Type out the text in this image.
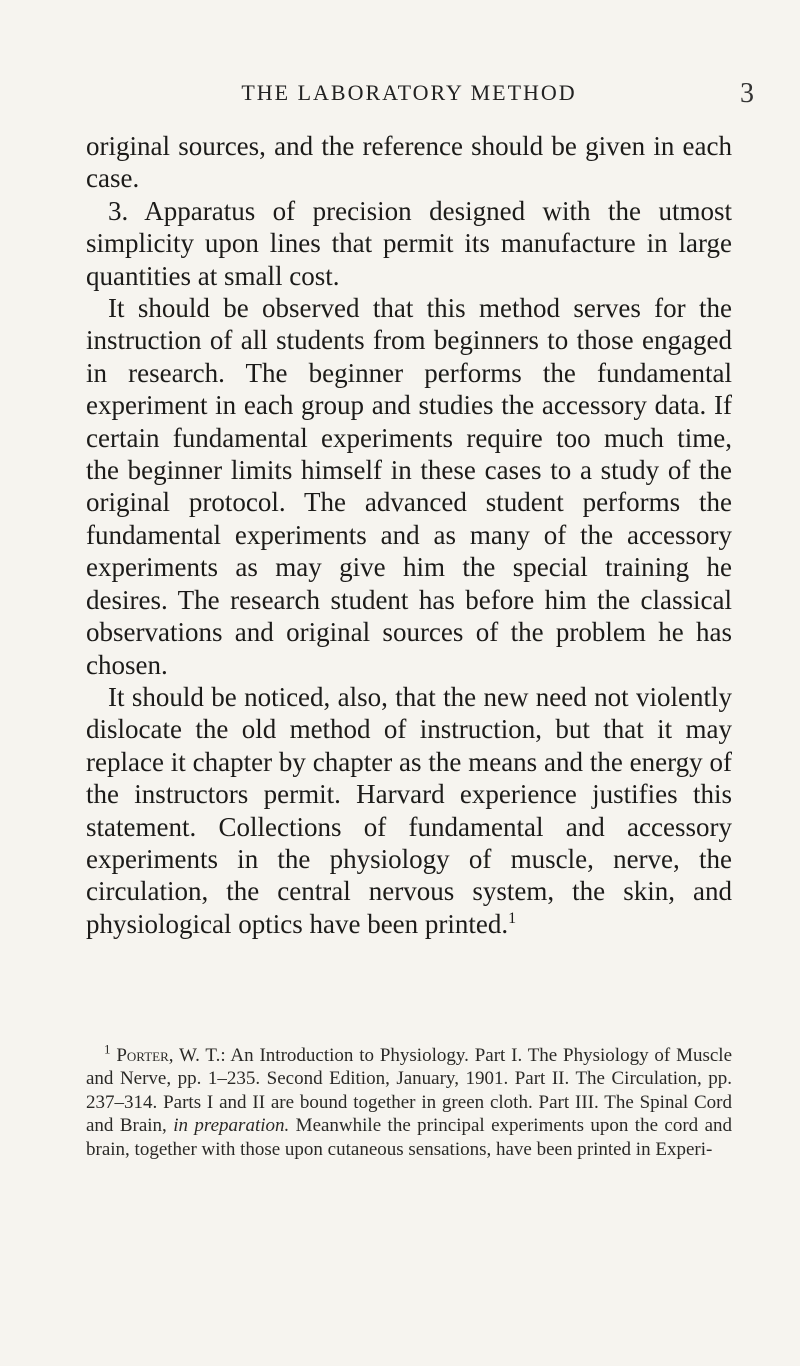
THE LABORATORY METHOD	3

original sources, and the reference should be given in each case.

3. Apparatus of precision designed with the utmost simplicity upon lines that permit its manufacture in large quantities at small cost.

It should be observed that this method serves for the instruction of all students from beginners to those engaged in research. The beginner performs the fundamental experiment in each group and studies the accessory data. If certain fundamental experiments require too much time, the beginner limits himself in these cases to a study of the original protocol. The advanced student performs the fundamental experiments and as many of the accessory experiments as may give him the special training he desires. The research student has before him the classical observations and original sources of the problem he has chosen.

It should be noticed, also, that the new need not violently dislocate the old method of instruction, but that it may replace it chapter by chapter as the means and the energy of the instructors permit. Harvard experience justifies this statement. Collections of fundamental and accessory experiments in the physiology of muscle, nerve, the circulation, the central nervous system, the skin, and physiological optics have been printed.$^1$

$^1$ Porter, W. T.: An Introduction to Physiology. Part I. The Physiology of Muscle and Nerve, pp. 1–235. Second Edition, January, 1901. Part II. The Circulation, pp. 237–314. Parts I and II are bound together in green cloth. Part III. The Spinal Cord and Brain, in preparation. Meanwhile the principal experiments upon the cord and brain, together with those upon cutaneous sensations, have been printed in Experi-
